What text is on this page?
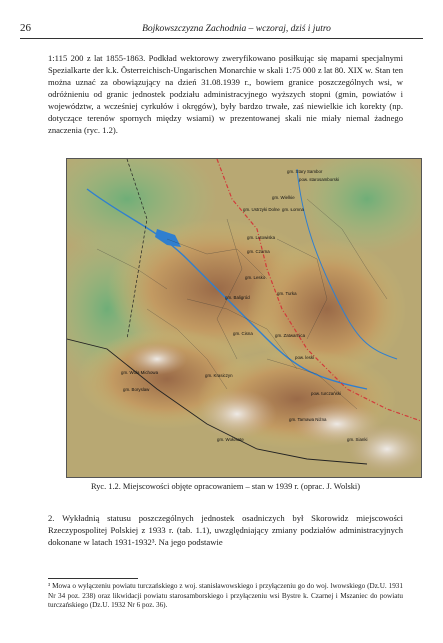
26	Bojkowszczyzna Zachodnia – wczoraj, dziś i jutro
1:115 200 z lat 1855-1863. Podkład wektorowy zweryfikowano posiłkując się mapami specjalnymi Spezialkarte der k.k. Österreichisch-Ungarischen Monarchie w skali 1:75 000 z lat 80. XIX w. Stan ten można uznać za obowiązujący na dzień 31.08.1939 r., bowiem granice poszczególnych wsi, w odróżnieniu od granic jednostek podziału administracyjnego wyższych stopni (gmin, powiatów i województw, a wcześniej cyrkułów i okręgów), były bardzo trwałe, zaś niewielkie ich korekty (np. dotyczące terenów spornych między wsiami) w prezentowanej skali nie miały niemal żadnego znaczenia (ryc. 1.2).
gm. Stary Sambor
pow. starosamborski
gm. Wielkie
gm. Ustrzyki Dolne gm. Łomna
gm. Lutowiska
gm. Czarna
gm. Lesko
gm. Turka
gm. Baligród
gm. Cisna	gm. Zatwarnica
pow. leski
gm. Wola Michowa
gm. Boryslaw
gm. Krasiczyn
pow. turczański
gm. Sianki
gm. Tarnawa Niżna
gm. Wołosate
Ryc. 1.2. Miejscowości objęte opracowaniem – stan w 1939 r. (oprac. J. Wolski)
2. Wykładnią statusu poszczególnych jednostek osadniczych był Skorowidz miejscowości Rzeczypospolitej Polskiej z 1933 r. (tab. 1.1), uwzględniający zmiany podziałów administracyjnych dokonane w latach 1931-1932³. Na jego podstawie
³ Mowa o wyłączeniu powiatu turczańskiego z woj. stanisławowskiego i przyłączeniu go do woj. lwowskiego (Dz.U. 1931 Nr 34 poz. 238) oraz likwidacji powiatu starosamborskiego i przyłączeniu wsi Bystre k. Czarnej i Mszaniec do powiatu turczańskiego (Dz.U. 1932 Nr 6 poz. 36).
